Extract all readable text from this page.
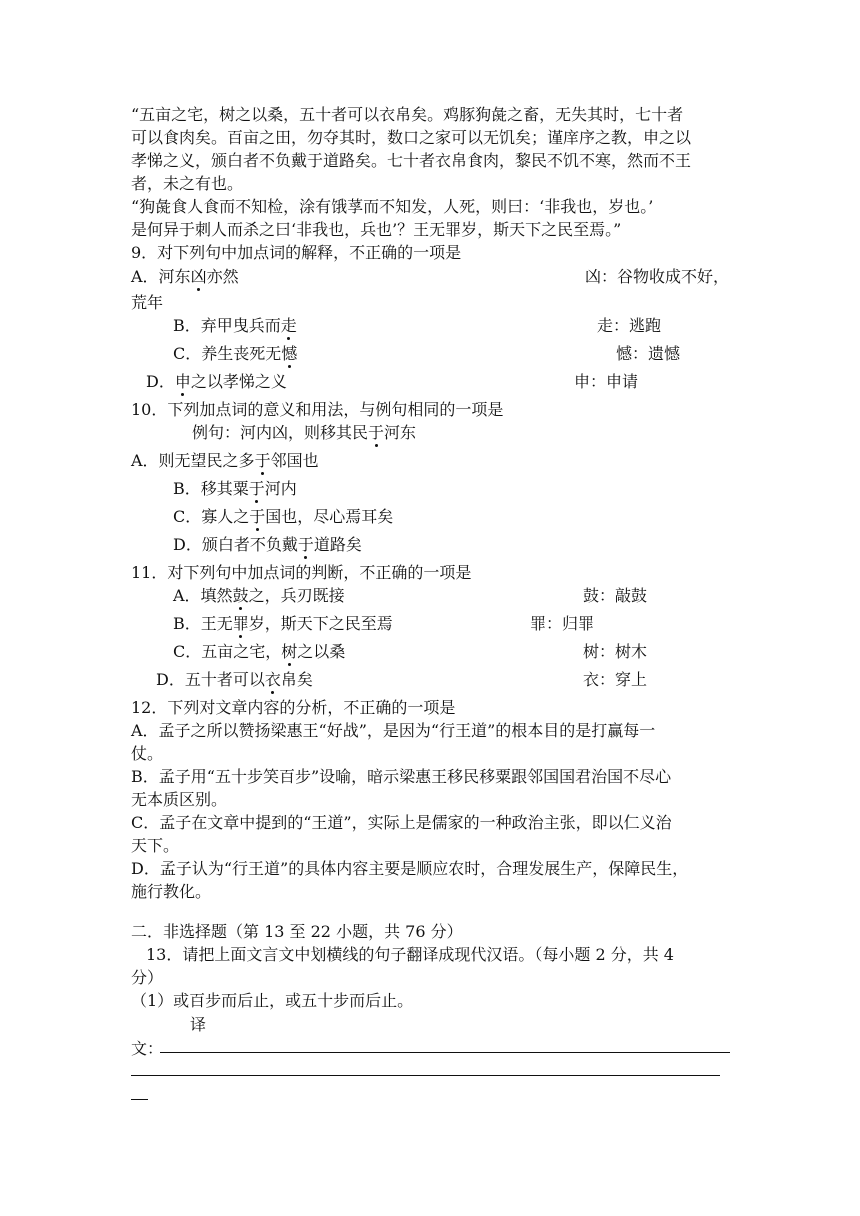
“五亩之宅，树之以桑，五十者可以衣帛矣。鸡豚狗彘之畜，无失其时，七十者
可以食肉矣。百亩之田，勿夺其时，数口之家可以无饥矣；谨庠序之教，申之以
孝悌之义，颁白者不负戴于道路矣。七十者衣帛食肉，黎民不饥不寒，然而不王
者，未之有也。
“狗彘食人食而不知检，涂有饿莩而不知发，人死，则曰：‘非我也，岁也。’
是何异于刺人而杀之曰‘非我也，兵也’？王无罪岁，斯天下之民至焉。”
9．对下列句中加点词的解释，不正确的一项是
A．河东凶亦然	凶：谷物收成不好，
荒年
B．弃甲曳兵而走	走：逃跑
C．养生丧死无憾	憾：遗憾
D．申之以孝悌之义	申：申请
10．下列加点词的意义和用法，与例句相同的一项是
例句：河内凶，则移其民于河东
A．则无望民之多于邻国也
B．移其粟于河内
C．寡人之于国也，尽心焉耳矣
D．颁白者不负戴于道路矣
11．对下列句中加点词的判断，不正确的一项是
A．填然鼓之，兵刃既接	鼓：敲鼓
B．王无罪岁，斯天下之民至焉	罪：归罪
C．五亩之宅，树之以桑	树：树木
D．五十者可以衣帛矣	衣：穿上
12．下列对文章内容的分析，不正确的一项是
A．孟子之所以赞扬梁惠王“好战”，是因为“行王道”的根本目的是打赢每一
仗。
B．孟子用“五十步笑百步”设喻，暗示梁惠王移民移粟跟邻国国君治国不尽心
无本质区别。
C．孟子在文章中提到的“王道”，实际上是儒家的一种政治主张，即以仁义治
天下。
D．孟子认为“行王道”的具体内容主要是顺应农时，合理发展生产，保障民生，
施行教化。
二．非选择题（第 13 至 22 小题，共 76 分）
13．请把上面文言文中划横线的句子翻译成现代汉语。（每小题 2 分，共 4
分）
（1）或百步而后止，或五十步而后止。
译
文：
